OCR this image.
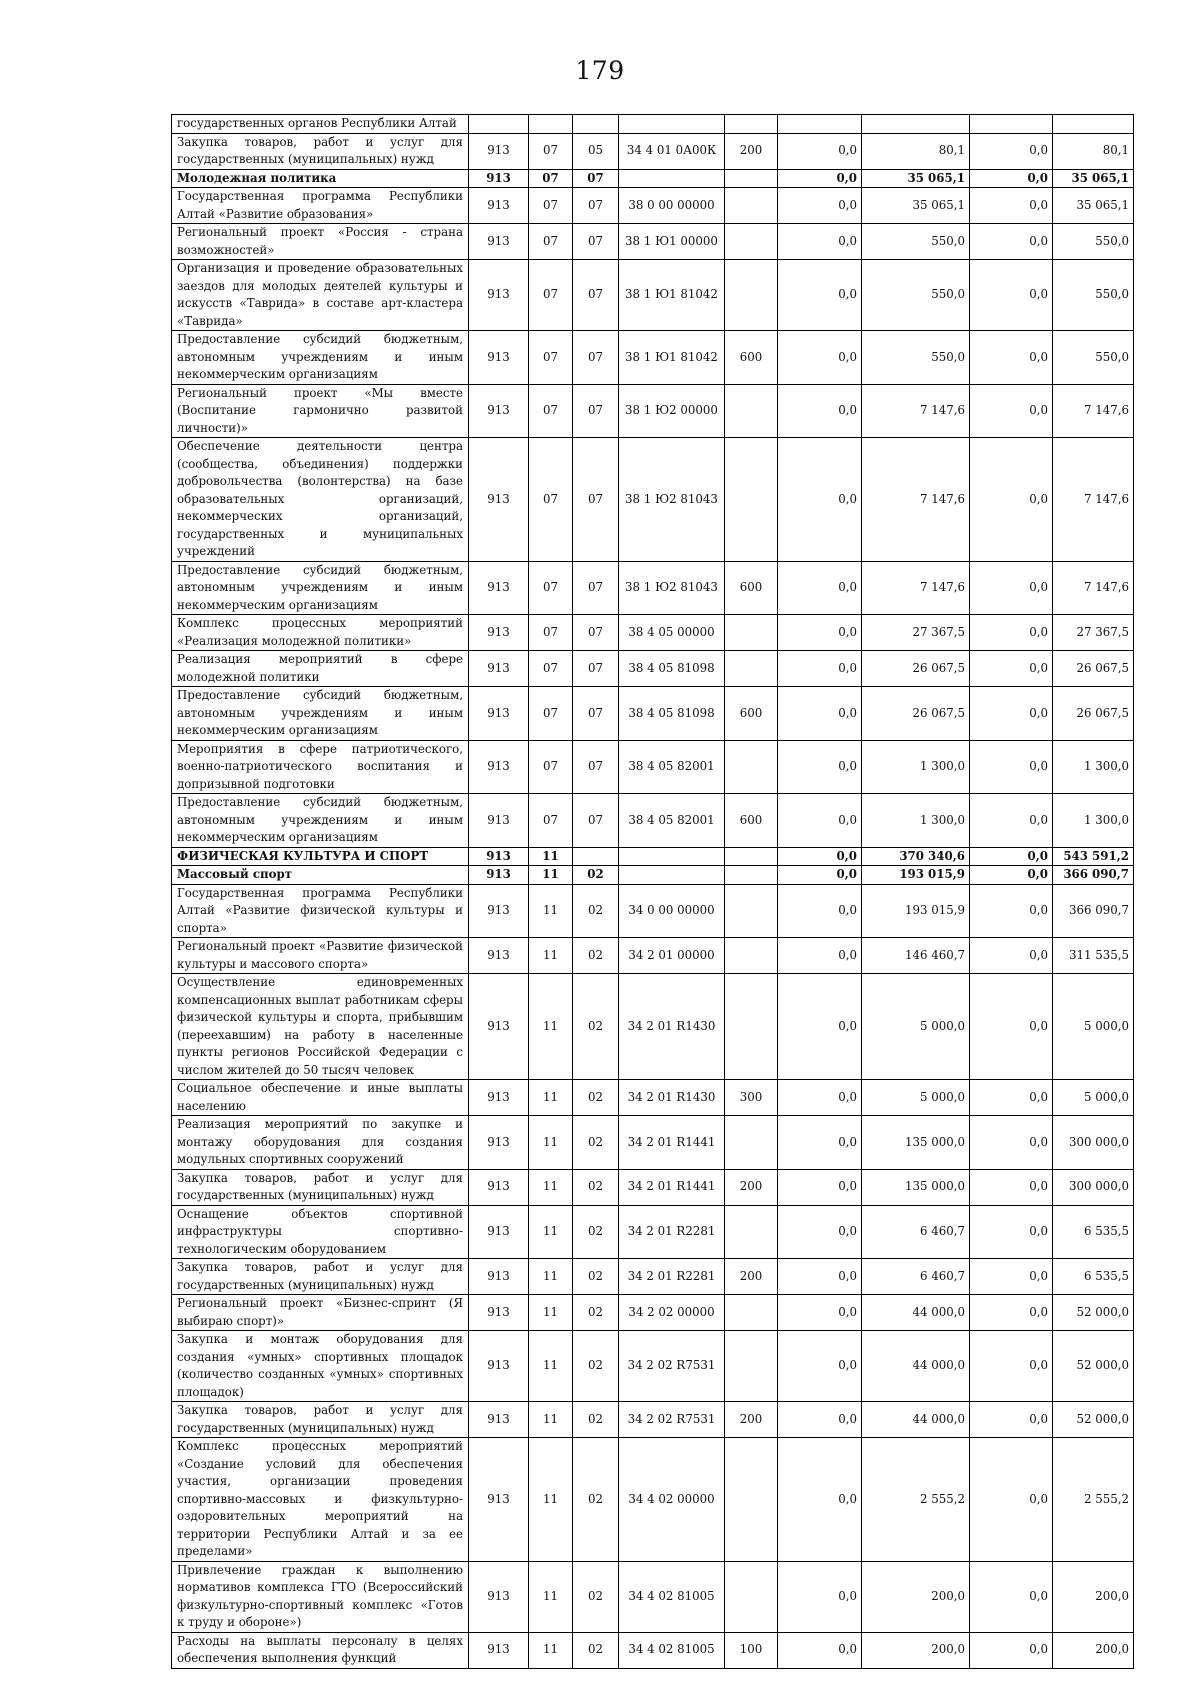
179
государственных органов Республики Алтай									
Закупка товаров, работ и услуг для государственных (муниципальных) нужд	913	07	05	34 4 01 0А00К	200	0,0	80,1	0,0	80,1
Молодежная политика	913	07	07			0,0	35 065,1	0,0	35 065,1
Государственная программа Республики Алтай «Развитие образования»	913	07	07	38 0 00 00000		0,0	35 065,1	0,0	35 065,1
Региональный проект «Россия - страна возможностей»	913	07	07	38 1 Ю1 00000		0,0	550,0	0,0	550,0
Организация и проведение образовательных заездов для молодых деятелей культуры и искусств «Таврида» в составе арт-кластера «Таврида»	913	07	07	38 1 Ю1 81042		0,0	550,0	0,0	550,0
Предоставление субсидий бюджетным, автономным учреждениям и иным некоммерческим организациям	913	07	07	38 1 Ю1 81042	600	0,0	550,0	0,0	550,0
Региональный проект «Мы вместе (Воспитание гармонично развитой личности)»	913	07	07	38 1 Ю2 00000		0,0	7 147,6	0,0	7 147,6
Обеспечение деятельности центра (сообщества, объединения) поддержки добровольчества (волонтерства) на базе образовательных организаций, некоммерческих организаций, государственных и муниципальных учреждений	913	07	07	38 1 Ю2 81043		0,0	7 147,6	0,0	7 147,6
Предоставление субсидий бюджетным, автономным учреждениям и иным некоммерческим организациям	913	07	07	38 1 Ю2 81043	600	0,0	7 147,6	0,0	7 147,6
Комплекс процессных мероприятий «Реализация молодежной политики»	913	07	07	38 4 05 00000		0,0	27 367,5	0,0	27 367,5
Реализация мероприятий в сфере молодежной политики	913	07	07	38 4 05 81098		0,0	26 067,5	0,0	26 067,5
Предоставление субсидий бюджетным, автономным учреждениям и иным некоммерческим организациям	913	07	07	38 4 05 81098	600	0,0	26 067,5	0,0	26 067,5
Мероприятия в сфере патриотического, военно-патриотического воспитания и допризывной подготовки	913	07	07	38 4 05 82001		0,0	1 300,0	0,0	1 300,0
Предоставление субсидий бюджетным, автономным учреждениям и иным некоммерческим организациям	913	07	07	38 4 05 82001	600	0,0	1 300,0	0,0	1 300,0
ФИЗИЧЕСКАЯ КУЛЬТУРА И СПОРТ	913	11				0,0	370 340,6	0,0	543 591,2
Массовый спорт	913	11	02			0,0	193 015,9	0,0	366 090,7
Государственная программа Республики Алтай «Развитие физической культуры и спорта»	913	11	02	34 0 00 00000		0,0	193 015,9	0,0	366 090,7
Региональный проект «Развитие физической культуры и массового спорта»	913	11	02	34 2 01 00000		0,0	146 460,7	0,0	311 535,5
Осуществление единовременных компенсационных выплат работникам сферы физической культуры и спорта, прибывшим (переехавшим) на работу в населенные пункты регионов Российской Федерации с числом жителей до 50 тысяч человек	913	11	02	34 2 01 R1430		0,0	5 000,0	0,0	5 000,0
Социальное обеспечение и иные выплаты населению	913	11	02	34 2 01 R1430	300	0,0	5 000,0	0,0	5 000,0
Реализация мероприятий по закупке и монтажу оборудования для создания модульных спортивных сооружений	913	11	02	34 2 01 R1441		0,0	135 000,0	0,0	300 000,0
Закупка товаров, работ и услуг для государственных (муниципальных) нужд	913	11	02	34 2 01 R1441	200	0,0	135 000,0	0,0	300 000,0
Оснащение объектов спортивной инфраструктуры спортивно-технологическим оборудованием	913	11	02	34 2 01 R2281		0,0	6 460,7	0,0	6 535,5
Закупка товаров, работ и услуг для государственных (муниципальных) нужд	913	11	02	34 2 01 R2281	200	0,0	6 460,7	0,0	6 535,5
Региональный проект «Бизнес-спринт (Я выбираю спорт)»	913	11	02	34 2 02 00000		0,0	44 000,0	0,0	52 000,0
Закупка и монтаж оборудования для создания «умных» спортивных площадок (количество созданных «умных» спортивных площадок)	913	11	02	34 2 02 R7531		0,0	44 000,0	0,0	52 000,0
Закупка товаров, работ и услуг для государственных (муниципальных) нужд	913	11	02	34 2 02 R7531	200	0,0	44 000,0	0,0	52 000,0
Комплекс процессных мероприятий «Создание условий для обеспечения участия, организации проведения спортивно-массовых и физкультурно-оздоровительных мероприятий на территории Республики Алтай и за ее пределами»	913	11	02	34 4 02 00000		0,0	2 555,2	0,0	2 555,2
Привлечение граждан к выполнению нормативов комплекса ГТО (Всероссийский физкультурно-спортивный комплекс «Готов к труду и обороне»)	913	11	02	34 4 02 81005		0,0	200,0	0,0	200,0
Расходы на выплаты персоналу в целях обеспечения выполнения функций	913	11	02	34 4 02 81005	100	0,0	200,0	0,0	200,0
